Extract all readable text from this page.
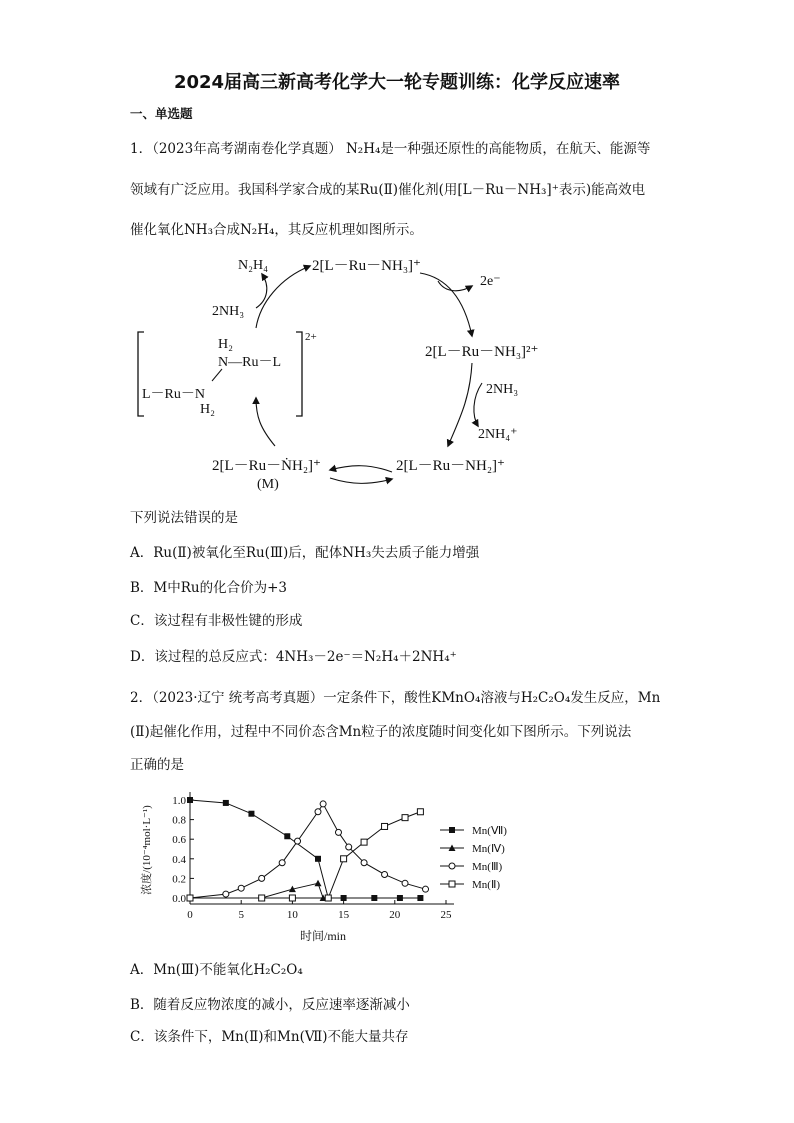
2024届高三新高考化学大一轮专题训练：化学反应速率
一、单选题
1．（2023年高考湖南卷化学真题） N₂H₄是一种强还原性的高能物质，在航天、能源等
领域有广泛应用。我国科学家合成的某Ru(Ⅱ)催化剂(用[L－Ru－NH₃]⁺表示)能高效电
催化氧化NH₃合成N₂H₄，其反应机理如图所示。
2[L－Ru－NH₃]⁺
2[L－Ru－NH₃]²⁺
2[L－Ru－NH₂]⁺
2[L－Ru－ṄH₂]⁺
(M)
N₂H₄
2NH₃
2e⁻
2NH₃
2NH₄⁺
2+
H₂
N—Ru－L
L－Ru－N
H₂
下列说法错误的是
A．Ru(Ⅱ)被氧化至Ru(Ⅲ)后，配体NH₃失去质子能力增强
B．M中Ru的化合价为+3
C．该过程有非极性键的形成
D．该过程的总反应式：4NH₃－2e⁻＝N₂H₄＋2NH₄⁺
2．（2023·辽宁 统考高考真题）一定条件下，酸性KMnO₄溶液与H₂C₂O₄发生反应，Mn
(Ⅱ)起催化作用，过程中不同价态含Mn粒子的浓度随时间变化如下图所示。下列说法
正确的是
0	5	10	15	20	25
0.0
0.2
0.4
0.6
0.8
1.0
Mn(Ⅶ)
Mn(Ⅳ)
Mn(Ⅲ)
Mn(Ⅱ)
时间/min
浓度/(10⁻⁴mol·L⁻¹)
A．Mn(Ⅲ)不能氧化H₂C₂O₄
B．随着反应物浓度的减小，反应速率逐渐减小
C．该条件下，Mn(Ⅱ)和Mn(Ⅶ)不能大量共存
